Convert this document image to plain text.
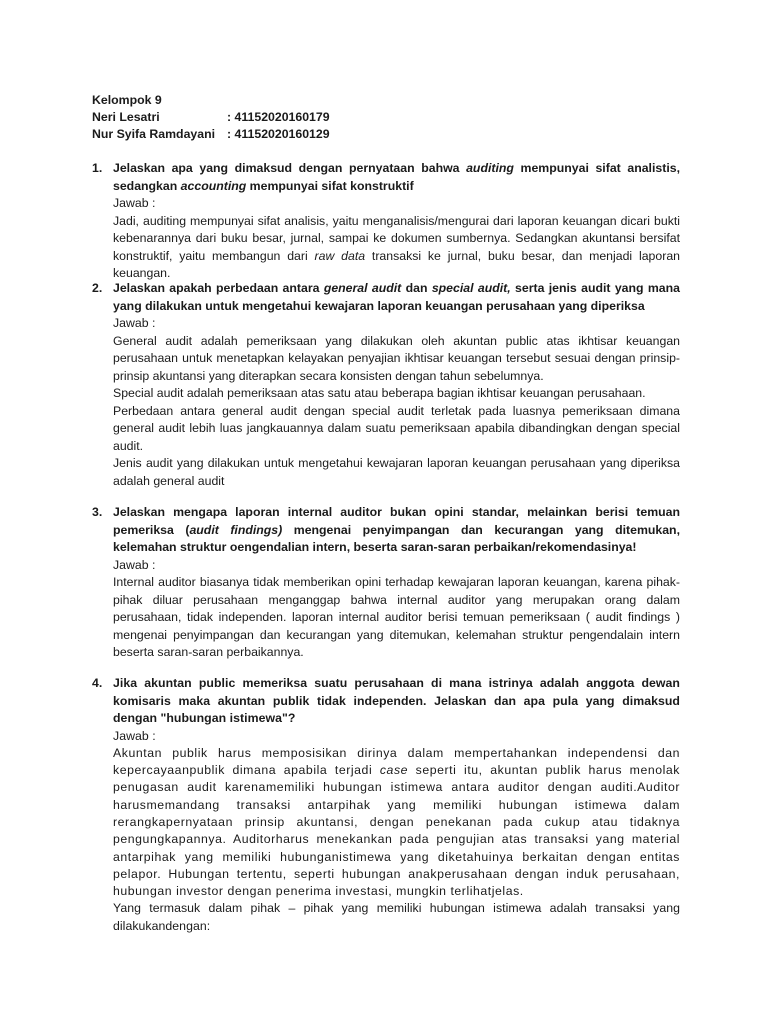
Kelompok 9
Neri Lesatri	: 41152020160179
Nur Syifa Ramdayani : 41152020160129
1. Jelaskan apa yang dimaksud dengan pernyataan bahwa auditing mempunyai sifat analistis, sedangkan accounting mempunyai sifat konstruktif

Jawab :

Jadi, auditing mempunyai sifat analisis, yaitu menganalisis/mengurai dari laporan keuangan dicari bukti kebenarannya dari buku besar, jurnal, sampai ke dokumen sumbernya. Sedangkan akuntansi bersifat konstruktif, yaitu membangun dari raw data transaksi ke jurnal, buku besar, dan menjadi laporan keuangan.

2. Jelaskan apakah perbedaan antara general audit dan special audit, serta jenis audit yang mana yang dilakukan untuk mengetahui kewajaran laporan keuangan perusahaan yang diperiksa

Jawab :

General audit adalah pemeriksaan yang dilakukan oleh akuntan public atas ikhtisar keuangan perusahaan untuk menetapkan kelayakan penyajian ikhtisar keuangan tersebut sesuai dengan prinsip-prinsip akuntansi yang diterapkan secara konsisten dengan tahun sebelumnya.

Special audit adalah pemeriksaan atas satu atau beberapa bagian ikhtisar keuangan perusahaan.

Perbedaan antara general audit dengan special audit terletak pada luasnya pemeriksaan dimana general audit lebih luas jangkauannya dalam suatu pemeriksaan apabila dibandingkan dengan special audit.

Jenis audit yang dilakukan untuk mengetahui kewajaran laporan keuangan perusahaan yang diperiksa adalah general audit

3. Jelaskan mengapa laporan internal auditor bukan opini standar, melainkan berisi temuan pemeriksa (audit findings) mengenai penyimpangan dan kecurangan yang ditemukan, kelemahan struktur oengendalian intern, beserta saran-saran perbaikan/rekomendasinya!

Jawab :

Internal auditor biasanya tidak memberikan opini terhadap kewajaran laporan keuangan, karena pihak-pihak diluar perusahaan menganggap bahwa internal auditor yang merupakan orang dalam perusahaan, tidak independen. laporan internal auditor berisi temuan pemeriksaan ( audit findings ) mengenai penyimpangan dan kecurangan yang ditemukan, kelemahan struktur pengendalain intern beserta saran-saran perbaikannya.

4. Jika akuntan public memeriksa suatu perusahaan di mana istrinya adalah anggota dewan komisaris maka akuntan publik tidak independen. Jelaskan dan apa pula yang dimaksud dengan "hubungan istimewa"?

Jawab :

Akuntan publik harus memposisikan dirinya dalam mempertahankan independensi dan kepercayaanpublik dimana apabila terjadi case seperti itu, akuntan publik harus menolak penugasan audit karenamemiliki hubungan istimewa antara auditor dengan auditi.Auditor harusmemandang transaksi antarpihak yang memiliki hubungan istimewa dalam rerangkapernyataan prinsip akuntansi, dengan penekanan pada cukup atau tidaknya pengungkapannya. Auditorharus menekankan pada pengujian atas transaksi yang material antarpihak yang memiliki hubunganistimewa yang diketahuinya berkaitan dengan entitas pelapor. Hubungan tertentu, seperti hubungan anakperusahaan dengan induk perusahaan, hubungan investor dengan penerima investasi, mungkin terlihatjelas.

Yang termasuk dalam pihak – pihak yang memiliki hubungan istimewa adalah transaksi yang dilakukandengan:
